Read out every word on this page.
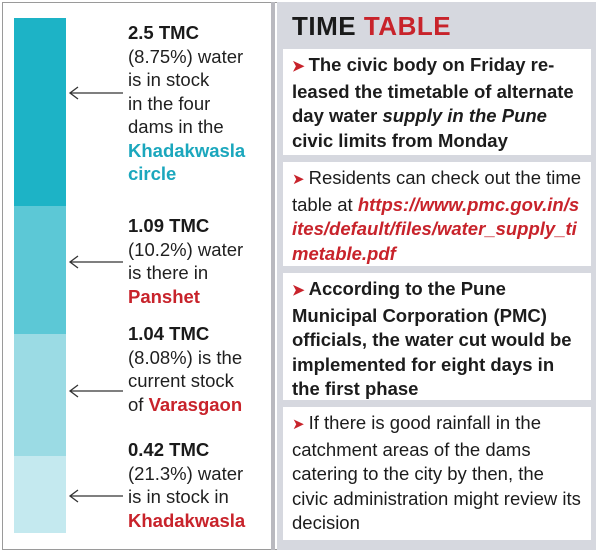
2.5 TMC
(8.75%) water
is in stock
in the four
dams in the
Khadakwasla
circle
1.09 TMC
(10.2%) water
is there in
Panshet
1.04 TMC
(8.08%) is the
current stock
of Varasgaon
0.42 TMC
(21.3%) water
is in stock in
Khadakwasla
TIME TABLE
➤ The civic body on Friday re-leased the timetable of alternate day water supply in the Pune civic limits from Monday
➤ Residents can check out the time table at https://www.pmc.gov.in/sites/default/files/water_supply_timetable.pdf
➤ According to the Pune Municipal Corporation (PMC) officials, the water cut would be implemented for eight days in the first phase
➤ If there is good rainfall in the catchment areas of the dams catering to the city by then, the civic administration might review its decision
